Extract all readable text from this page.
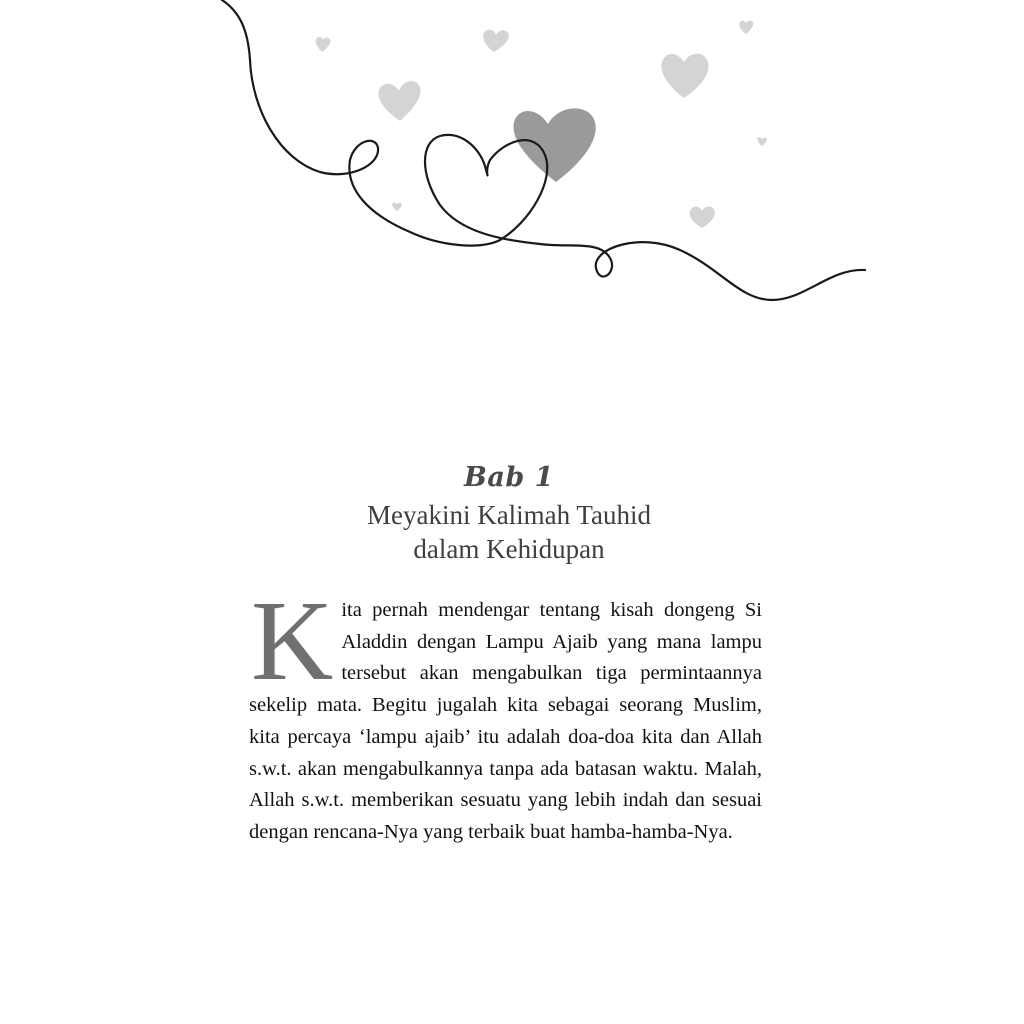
Bab 1
Meyakini Kalimah Tauhid
dalam Kehidupan
K ita pernah mendengar tentang kisah dongeng Si Aladdin dengan Lampu Ajaib yang mana lampu tersebut akan mengabulkan tiga permintaannya sekelip mata. Begitu jugalah kita sebagai seorang Muslim, kita percaya ‘lampu ajaib’ itu adalah doa-doa kita dan Allah s.w.t. akan mengabulkannya tanpa ada batasan waktu. Malah, Allah s.w.t. memberikan sesuatu yang lebih indah dan sesuai dengan rencana-Nya yang terbaik buat hamba-hamba-Nya.
